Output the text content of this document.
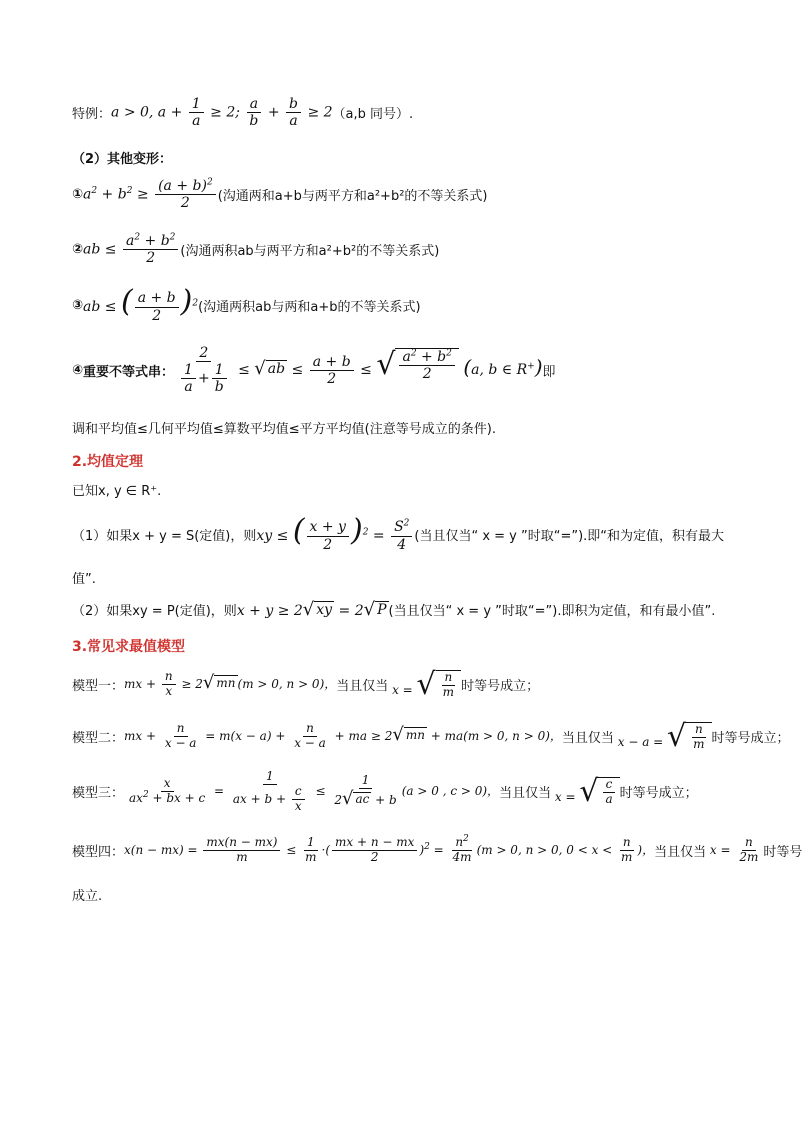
特例： a > 0, $a + \frac{1}{a} \ge 2$; $\frac{a}{b} + \frac{b}{a} \ge 2$ （a,b 同号）.
（2）其他变形：
① $a^2 + b^2 \ge \frac{(a + b)^2}{2}$ (沟通两和a+b与两平方和a²+b²的不等关系式)
② ab ≤ $\frac{a^2 + b^2}{2}$ (沟通两积ab与两平方和a²+b²的不等关系式)
③ ab ≤ ( $\frac{a + b}{2} )^2$ (沟通两积ab与两和a+b的不等关系式)
④ 重要不等式串： $\frac{2}{\frac{1}{a} + \frac{1}{b}}$ ≤ √ ab ≤ $\frac{a + b}{2}$ ≤ √ $\frac{a^2 + b^2}{2} (a$, b ∈ R+) 即
调和平均值≤几何平均值≤算数平均值≤平方平均值(注意等号成立的条件).
2.均值定理
已知x, y ∈ R⁺.
（1）如果x + y = S(定值)，则 xy ≤ ( $\frac{x + y}{2} )^2 = \frac{S^2}{4}$ (当且仅当“ x = y ”时取“=”).即“和为定值，积有最大
值”.
（2）如果xy = P(定值)，则 x + y ≥ 2 √ xy = 2 √ P (当且仅当“ x = y ”时取“=”).即积为定值，和有最小值”.
3.常见求最值模型
模型一： mx + $\frac{n}{x} \ge 2$ √ mn (m > 0, n > 0)， 当且仅当 x = √ $\frac{n}{m}$ 时等号成立；
模型二： mx + $\frac{n}{x - a} = m(x - a) + \frac{n}{x - a}$ + ma ≥ 2 √ mn + ma(m > 0, n > 0)， 当且仅当 x − a = √ $\frac{n}{m}$ 时等号成立；
模型三： $\frac{x}{ax^2 + bx + c} = \frac{1}{ax + b + \frac{c}{x}} \le \frac{1}{2 √ ac + b} (a > 0$ , c > 0)， 当且仅当 x = √ $\frac{c}{a}$ 时等号成立；
模型四： $x(n - mx) = \frac{mx(n - mx)}{m} \le \frac{1}{m}$ ·( $\frac{mx + n - mx}{2} )^2 = \frac{n^2}{4m} (m > 0$, n > 0, $0 < x < \frac{n}{m}$ )， 当且仅当 $x = \frac{n}{2m}$ 时等号
成立.
